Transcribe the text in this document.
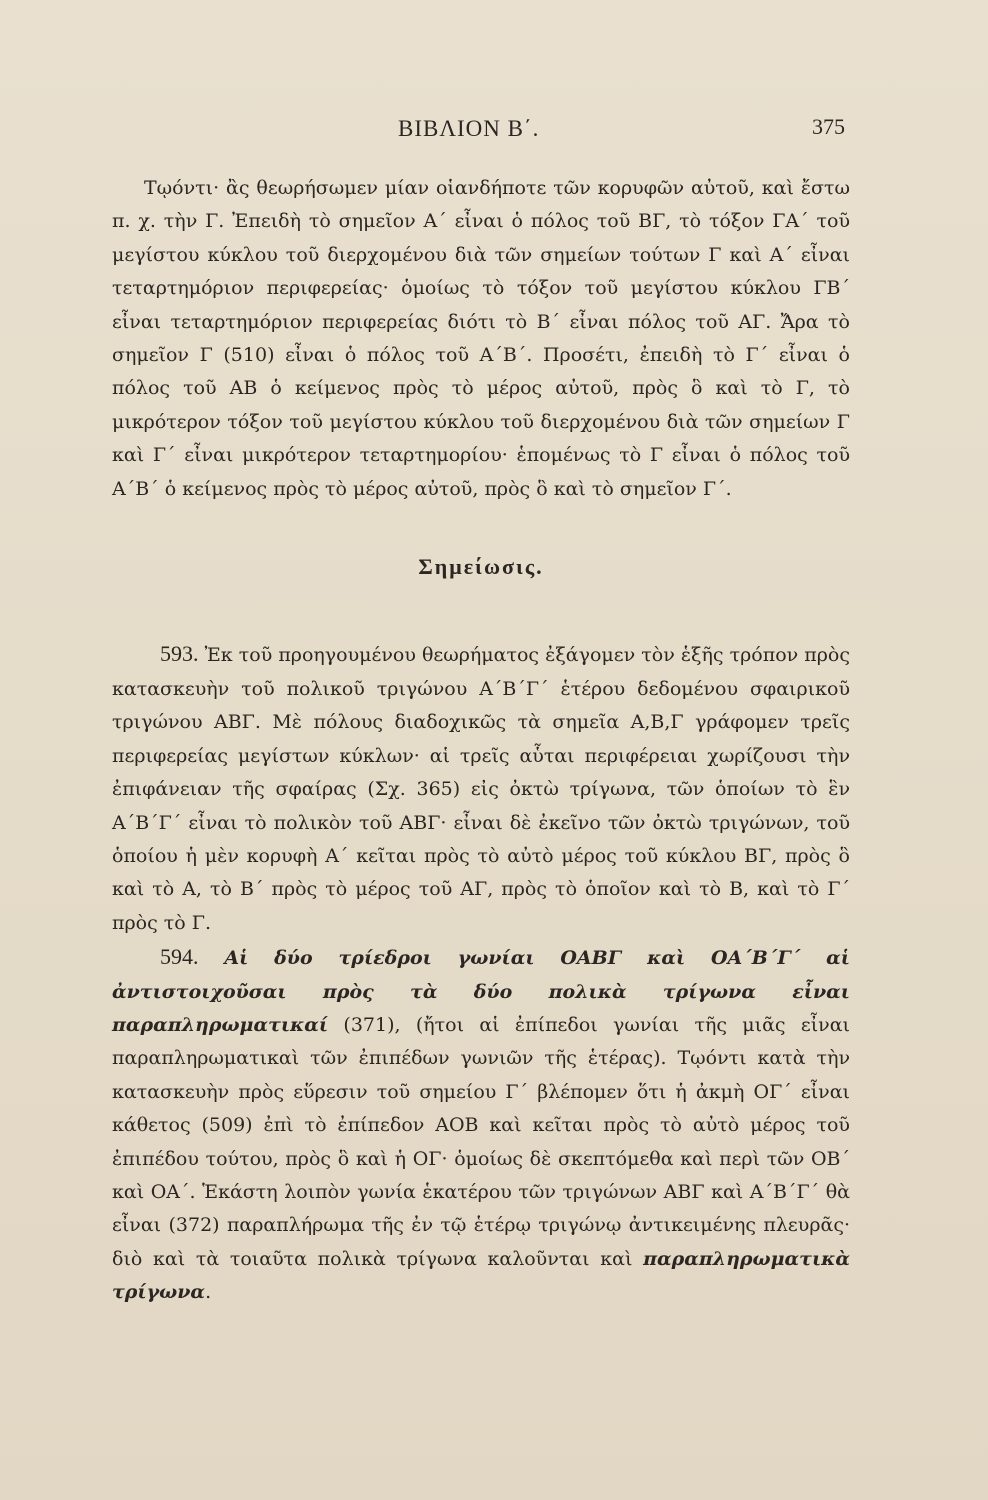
ΒΙΒΛΙΟΝ Β΄.	375

Τῳόντι· ἂς θεωρήσωμεν μίαν οἱανδήποτε τῶν κορυφῶν αὐτοῦ, καὶ ἔστω π. χ. τὴν Γ. Ἐπειδὴ τὸ σημεῖον Α΄ εἶναι ὁ πόλος τοῦ ΒΓ, τὸ τόξον ΓΑ΄ τοῦ μεγίστου κύκλου τοῦ διερχομένου διὰ τῶν σημείων τούτων Γ καὶ Α΄ εἶναι τεταρτημόριον περιφερείας· ὁμοίως τὸ τόξον τοῦ μεγίστου κύκλου ΓΒ΄ εἶναι τεταρτημόριον περιφερείας διότι τὸ Β΄ εἶναι πόλος τοῦ ΑΓ. Ἄρα τὸ σημεῖον Γ (510) εἶναι ὁ πόλος τοῦ Α΄Β΄. Προσέτι, ἐπειδὴ τὸ Γ΄ εἶναι ὁ πόλος τοῦ ΑΒ ὁ κείμενος πρὸς τὸ μέρος αὐτοῦ, πρὸς ὃ καὶ τὸ Γ, τὸ μικρότερον τόξον τοῦ μεγίστου κύκλου τοῦ διερχομένου διὰ τῶν σημείων Γ καὶ Γ΄ εἶναι μικρότερον τεταρτημορίου· ἑπομένως τὸ Γ εἶναι ὁ πόλος τοῦ Α΄Β΄ ὁ κείμενος πρὸς τὸ μέρος αὐτοῦ, πρὸς ὃ καὶ τὸ σημεῖον Γ΄.

Σημείωσις.

593. Ἐκ τοῦ προηγουμένου θεωρήματος ἐξάγομεν τὸν ἑξῆς τρόπον πρὸς κατασκευὴν τοῦ πολικοῦ τριγώνου Α΄Β΄Γ΄ ἑτέρου δεδομένου σφαιρικοῦ τριγώνου ΑΒΓ. Μὲ πόλους διαδοχικῶς τὰ σημεῖα Α,Β,Γ γράφομεν τρεῖς περιφερείας μεγίστων κύκλων· αἱ τρεῖς αὗται περιφέρειαι χωρίζουσι τὴν ἐπιφάνειαν τῆς σφαίρας (Σχ. 365) εἰς ὀκτὼ τρίγωνα, τῶν ὁποίων τὸ ἓν Α΄Β΄Γ΄ εἶναι τὸ πολικὸν τοῦ ΑΒΓ· εἶναι δὲ ἐκεῖνο τῶν ὀκτὼ τριγώνων, τοῦ ὁποίου ἡ μὲν κορυφὴ Α΄ κεῖται πρὸς τὸ αὐτὸ μέρος τοῦ κύκλου ΒΓ, πρὸς ὃ καὶ τὸ Α, τὸ Β΄ πρὸς τὸ μέρος τοῦ ΑΓ, πρὸς τὸ ὁποῖον καὶ τὸ Β, καὶ τὸ Γ΄ πρὸς τὸ Γ.

594. Αἱ δύο τρίεδροι γωνίαι ΟΑΒΓ καὶ ΟΑ΄Β΄Γ΄ αἱ ἀντιστοιχοῦσαι πρὸς τὰ δύο πολικὰ τρίγωνα εἶναι παραπληρωματικαί (371), (ἤτοι αἱ ἐπίπεδοι γωνίαι τῆς μιᾶς εἶναι παραπληρωματικαὶ τῶν ἐπιπέδων γωνιῶν τῆς ἑτέρας). Τῳόντι κατὰ τὴν κατασκευὴν πρὸς εὕρεσιν τοῦ σημείου Γ΄ βλέπομεν ὅτι ἡ ἀκμὴ ΟΓ΄ εἶναι κάθετος (509) ἐπὶ τὸ ἐπίπεδον ΑΟΒ καὶ κεῖται πρὸς τὸ αὐτὸ μέρος τοῦ ἐπιπέδου τούτου, πρὸς ὃ καὶ ἡ ΟΓ· ὁμοίως δὲ σκεπτόμεθα καὶ περὶ τῶν ΟΒ΄ καὶ ΟΑ΄. Ἑκάστη λοιπὸν γωνία ἑκατέρου τῶν τριγώνων ΑΒΓ καὶ Α΄Β΄Γ΄ θὰ εἶναι (372) παραπλήρωμα τῆς ἐν τῷ ἑτέρῳ τριγώνῳ ἀντικειμένης πλευρᾶς· διὸ καὶ τὰ τοιαῦτα πολικὰ τρίγωνα καλοῦνται καὶ παραπληρωματικὰ τρίγωνα.
